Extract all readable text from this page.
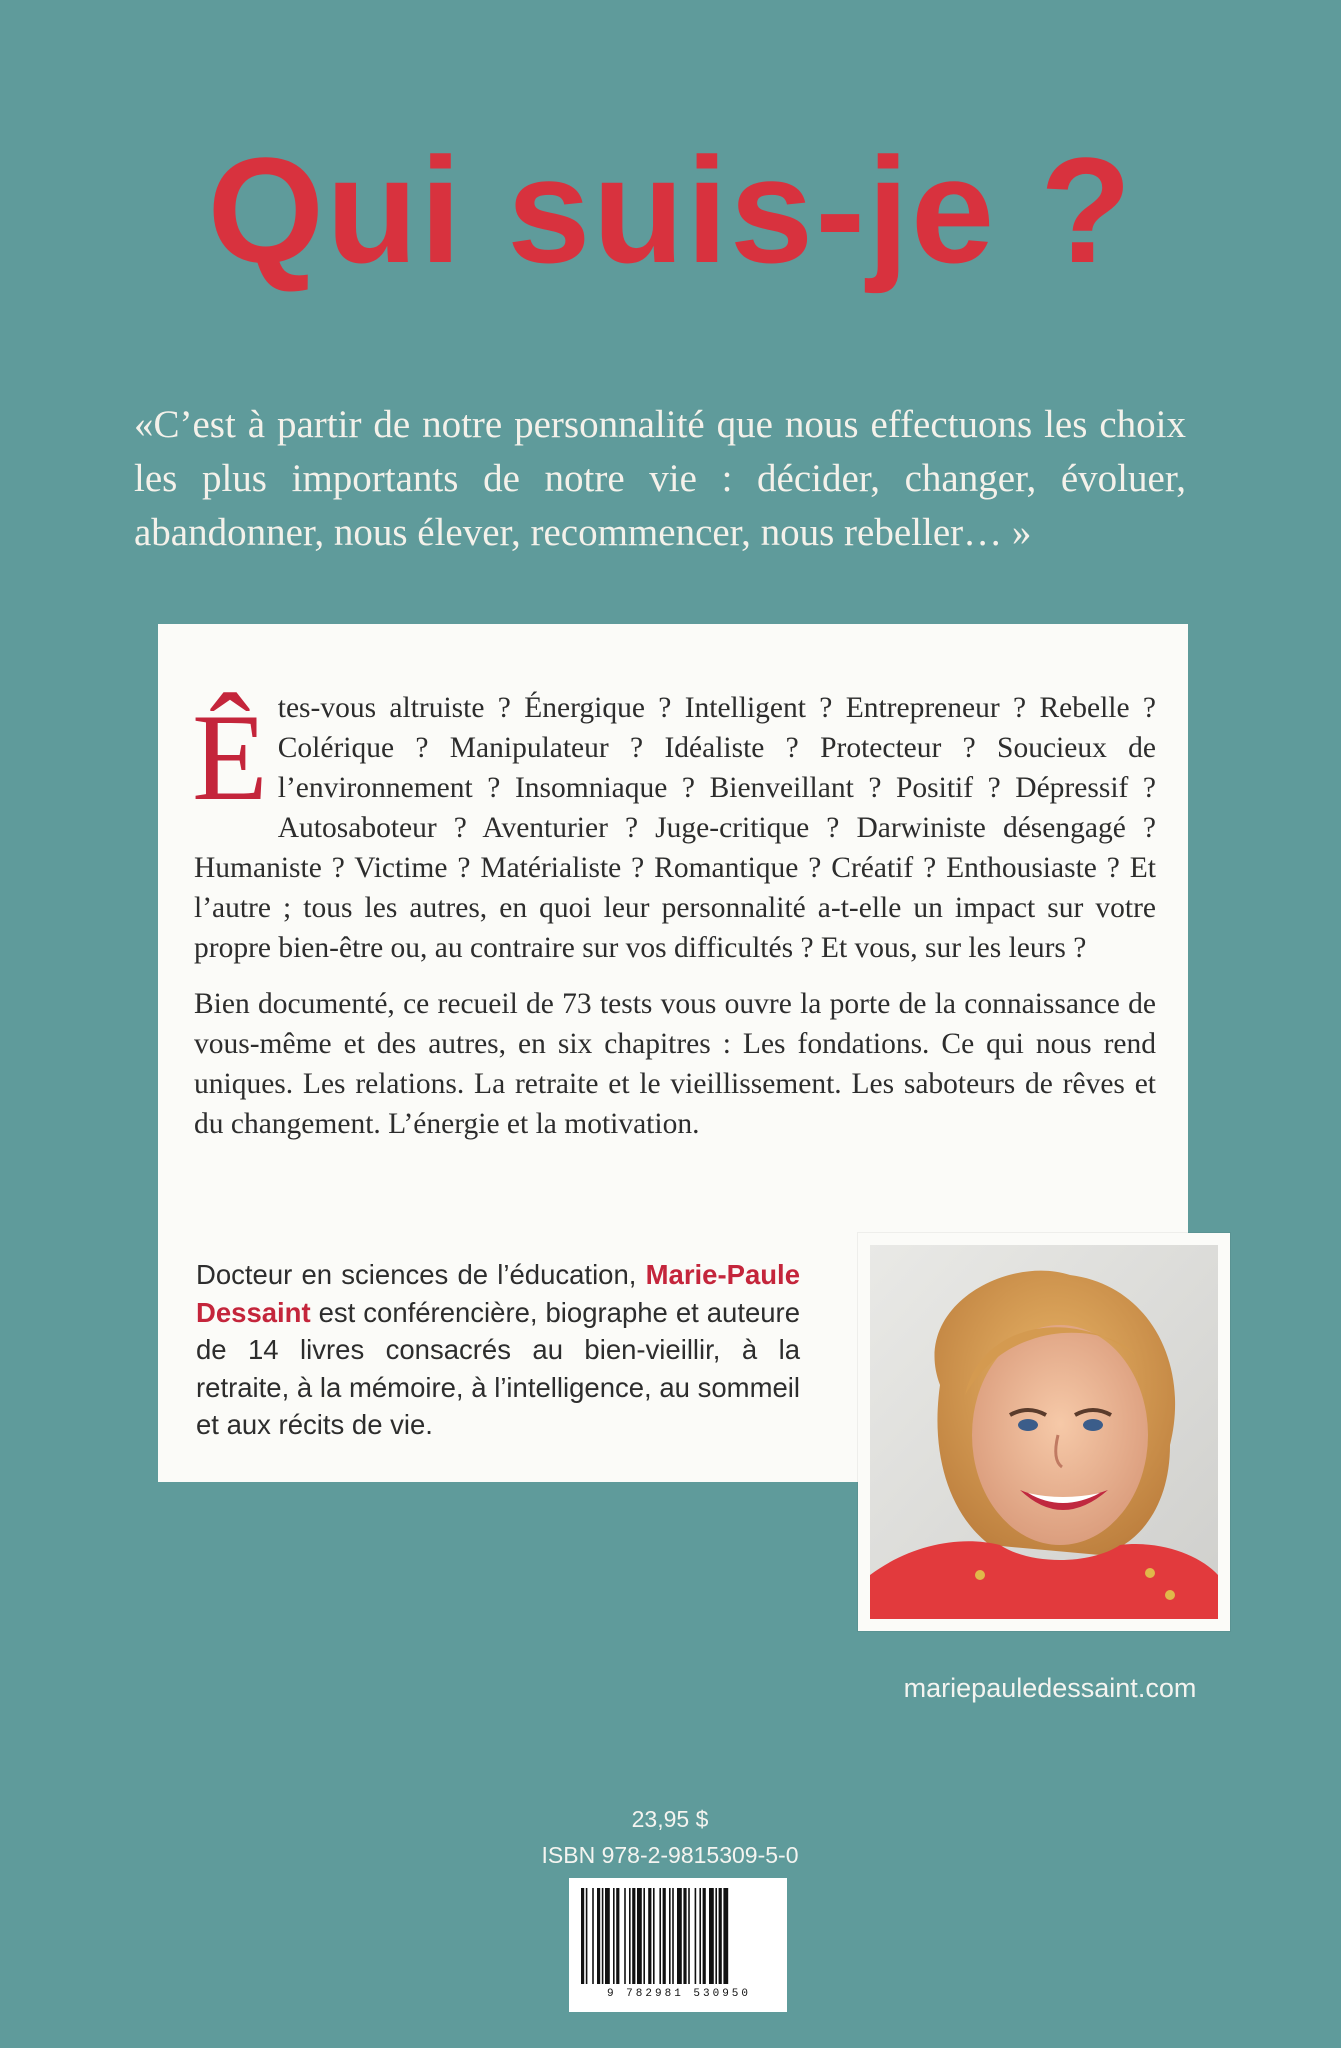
Qui suis-je ?
«C’est à partir de notre personnalité que nous effectuons les choix les plus importants de notre vie : décider, changer, évoluer, abandonner, nous élever, recommencer, nous rebeller… »

Êtes-vous altruiste ? Énergique ? Intelligent ? Entrepreneur ? Rebelle ? Colérique ? Manipulateur ? Idéaliste ? Protecteur ? Soucieux de l’environnement ? Insomniaque ? Bienveillant ? Positif ? Dépressif ? Autosaboteur ? Aventurier ? Juge-critique ? Darwiniste désengagé ? Humaniste ? Victime ? Matérialiste ? Romantique ? Créatif ? Enthousiaste ? Et l’autre ; tous les autres, en quoi leur personnalité a-t-elle un impact sur votre propre bien-être ou, au contraire sur vos difficultés ? Et vous, sur les leurs ?

Bien documenté, ce recueil de 73 tests vous ouvre la porte de la connaissance de vous-même et des autres, en six chapitres : Les fondations. Ce qui nous rend uniques. Les relations. La retraite et le vieillissement. Les saboteurs de rêves et du changement. L’énergie et la motivation.

Docteur en sciences de l’éducation, Marie-Paule Dessaint est conférencière, biographe et auteure de 14 livres consacrés au bien-vieillir, à la retraite, à la mémoire, à l’intelligence, au sommeil et aux récits de vie.
mariepauledessaint.com
23,95 $
ISBN 978-2-9815309-5-0
9 782981 530950
